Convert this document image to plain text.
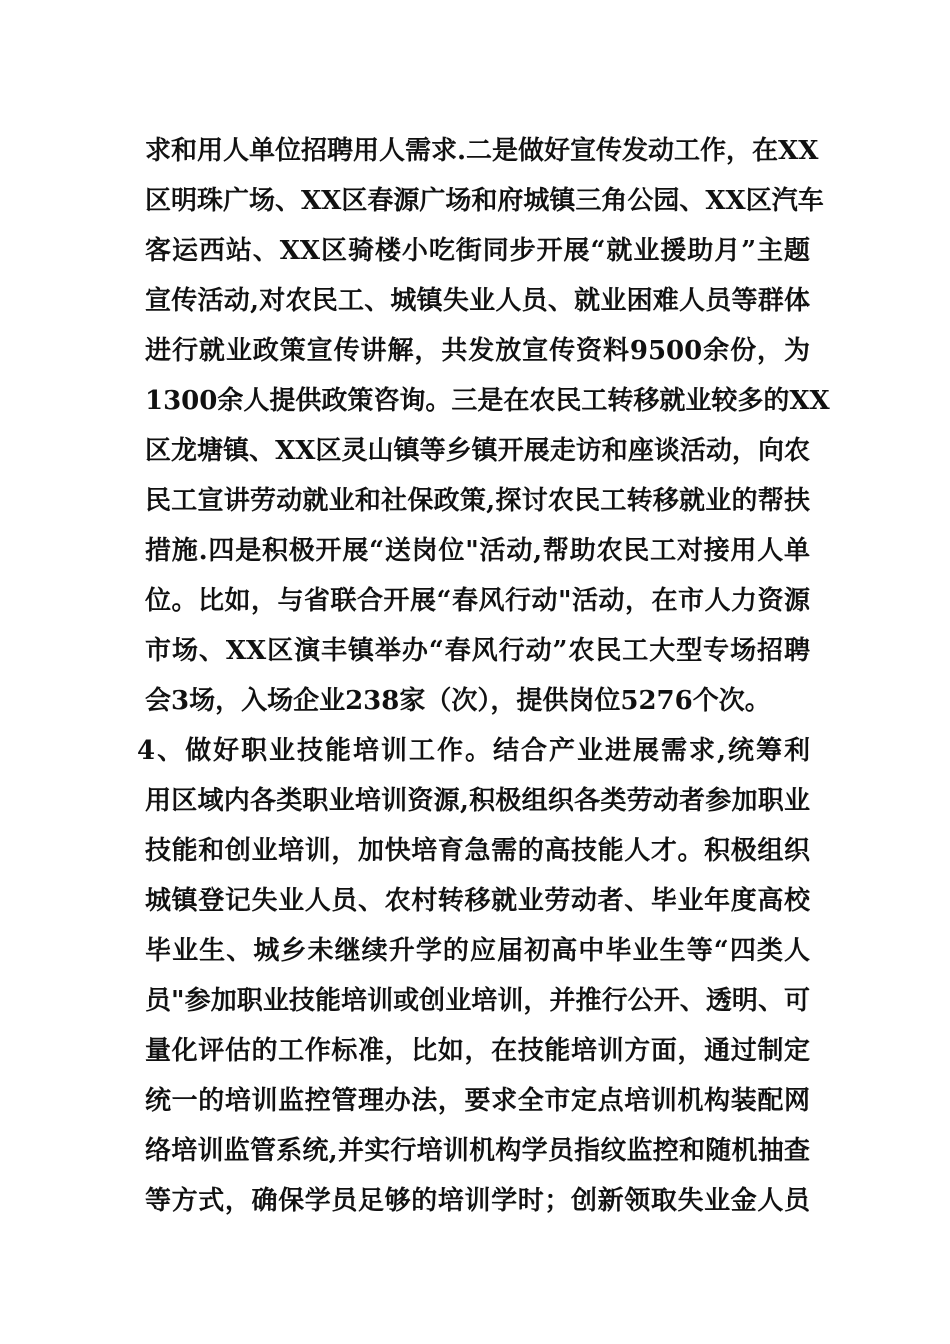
求和用人单位招聘用人需求.二是做好宣传发动工作，在XX
区明珠广场、XX区春源广场和府城镇三角公园、XX区汽车
客运西站、XX区骑楼小吃街同步开展“就业援助月”主题
宣传活动,对农民工、城镇失业人员、就业困难人员等群体
进行就业政策宣传讲解，共发放宣传资料9500余份，为
1300余人提供政策咨询。三是在农民工转移就业较多的XX
区龙塘镇、XX区灵山镇等乡镇开展走访和座谈活动，向农
民工宣讲劳动就业和社保政策,探讨农民工转移就业的帮扶
措施.四是积极开展“送岗位"活动,帮助农民工对接用人单
位。比如，与省联合开展“春风行动"活动，在市人力资源
市场、XX区演丰镇举办“春风行动”农民工大型专场招聘
会3场，入场企业238家（次），提供岗位5276个次。
4、做好职业技能培训工作。结合产业进展需求,统筹利
用区域内各类职业培训资源,积极组织各类劳动者参加职业
技能和创业培训，加快培育急需的高技能人才。积极组织
城镇登记失业人员、农村转移就业劳动者、毕业年度高校
毕业生、城乡未继续升学的应届初高中毕业生等“四类人
员"参加职业技能培训或创业培训，并推行公开、透明、可
量化评估的工作标准，比如，在技能培训方面，通过制定
统一的培训监控管理办法，要求全市定点培训机构装配网
络培训监管系统,并实行培训机构学员指纹监控和随机抽查
等方式，确保学员足够的培训学时；创新领取失业金人员
